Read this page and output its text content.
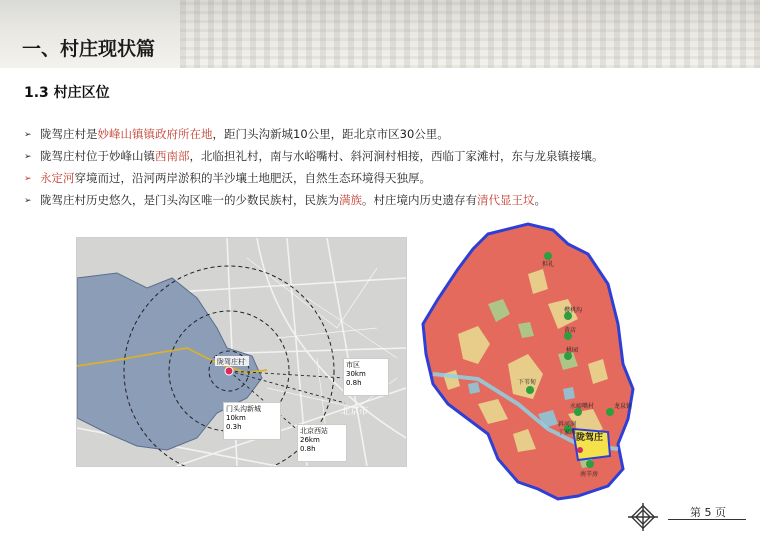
一、村庄现状篇
1.3 村庄区位
➢ 陇驾庄村是妙峰山镇镇政府所在地，距门头沟新城10公里，距北京市区30公里。
➢ 陇驾庄村位于妙峰山镇西南部，北临担礼村，南与水峪嘴村、斜河涧村相接，西临丁家滩村，东与龙泉镇接壤。
➢ 永定河穿境而过，沿河两岸淤积的半沙壤土地肥沃，自然生态环境得天独厚。
➢ 陇驾庄村历史悠久，是门头沟区唯一的少数民族村，民族为满族。村庄境内历史遗存有清代显王坟。
陇驾庄村
北京市
市区
30km
0.8h
门头沟新城
10km
0.3h	北京西站
26km
0.8h
陇驾庄
担礼
樱桃沟
黄店
桃园
下苇甸
水峪嘴村
斜河涧
丁家滩
龙泉镇
南辛房
第 5 页
